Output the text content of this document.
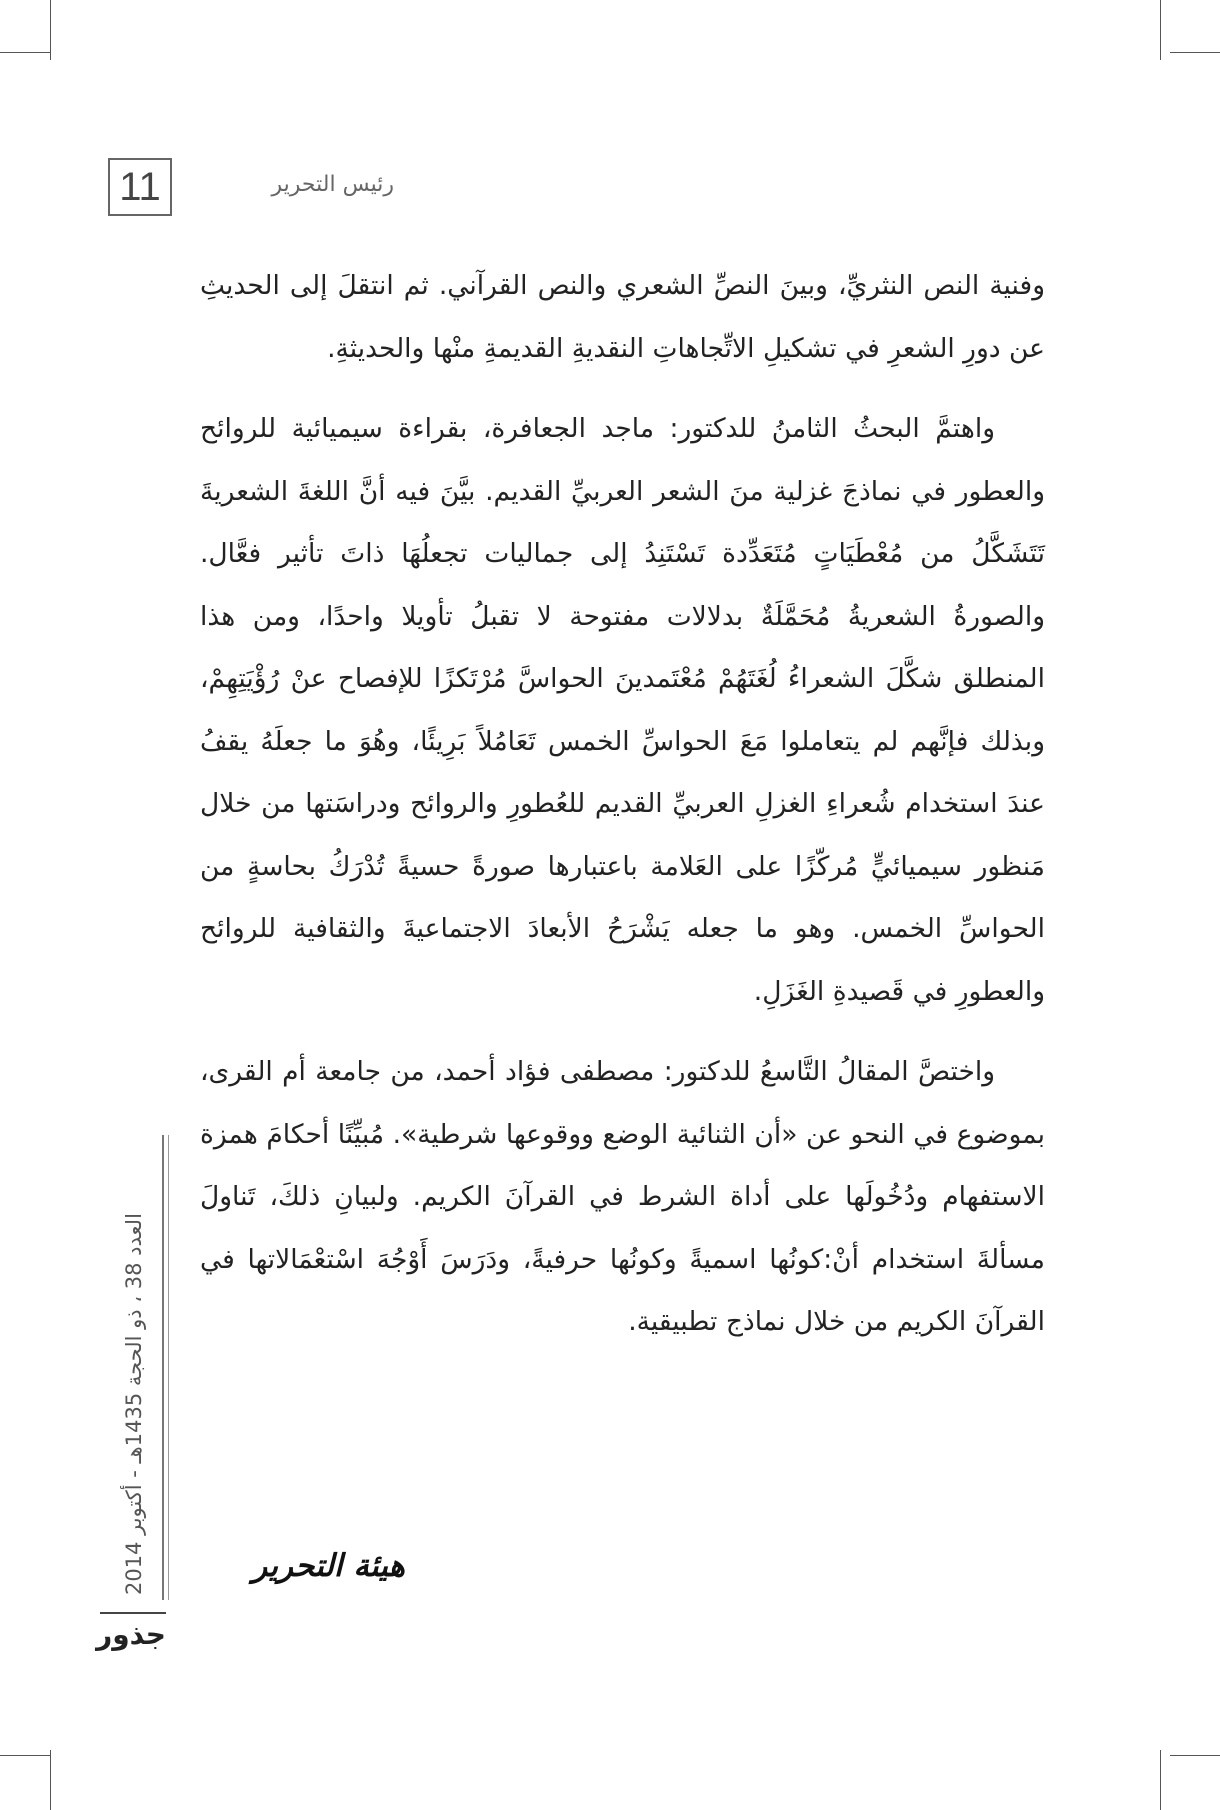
11	رئيس التحرير

وفنية النص النثريِّ، وبينَ النصِّ الشعري والنص القرآني. ثم انتقلَ إلى الحديثِ عن دورِ الشعرِ في تشكيلِ الاتِّجاهاتِ النقديةِ القديمةِ منْها والحديثةِ.

واهتمَّ البحثُ الثامنُ للدكتور: ماجد الجعافرة، بقراءة سيميائية للروائح والعطور في نماذجَ غزلية منَ الشعر العربيِّ القديم. بيَّنَ فيه أنَّ اللغةَ الشعريةَ تَتَشَكَّلُ من مُعْطَيَاتٍ مُتَعَدِّدة تَسْتَنِدُ إلى جماليات تجعلُهَا ذاتَ تأثير فعَّال. والصورةُ الشعريةُ مُحَمَّلَةٌ بدلالات مفتوحة لا تقبلُ تأويلا واحدًا، ومن هذا المنطلق شكَّلَ الشعراءُ لُغَتَهُمْ مُعْتَمدينَ الحواسَّ مُرْتَكزًا للإفصاح عنْ رُؤْيَتِهِمْ، وبذلك فإنَّهم لم يتعاملوا مَعَ الحواسِّ الخمس تَعَامُلاً بَرِيئًا، وهُوَ ما جعلَهُ يقفُ عندَ استخدام شُعراءِ الغزلِ العربيِّ القديم للعُطورِ والروائح ودراسَتها من خلال مَنظور سيميائيٍّ مُركّزًا على العَلامة باعتبارها صورةً حسيةً تُدْرَكُ بحاسةٍ من الحواسِّ الخمس. وهو ما جعله يَشْرَحُ الأبعادَ الاجتماعيةَ والثقافية للروائح والعطورِ في قَصيدةِ الغَزَلِ.

واختصَّ المقالُ التَّاسعُ للدكتور: مصطفى فؤاد أحمد، من جامعة أم القرى، بموضوع في النحو عن «أن الثنائية الوضع ووقوعها شرطية». مُبيِّنًا أحكامَ همزة الاستفهام ودُخُولَها على أداة الشرط في القرآنَ الكريم. ولبيانِ ذلكَ، تَناولَ مسألةَ استخدام أنْ:كونُها اسميةً وكونُها حرفيةً، ودَرَسَ أَوْجُهَ اسْتعْمَالاتها في القرآنَ الكريم من خلال نماذج تطبيقية.

هيئة التحرير
العدد 38 ، ذو الحجة 1435هـ - أكتوبر 2014
جذور
